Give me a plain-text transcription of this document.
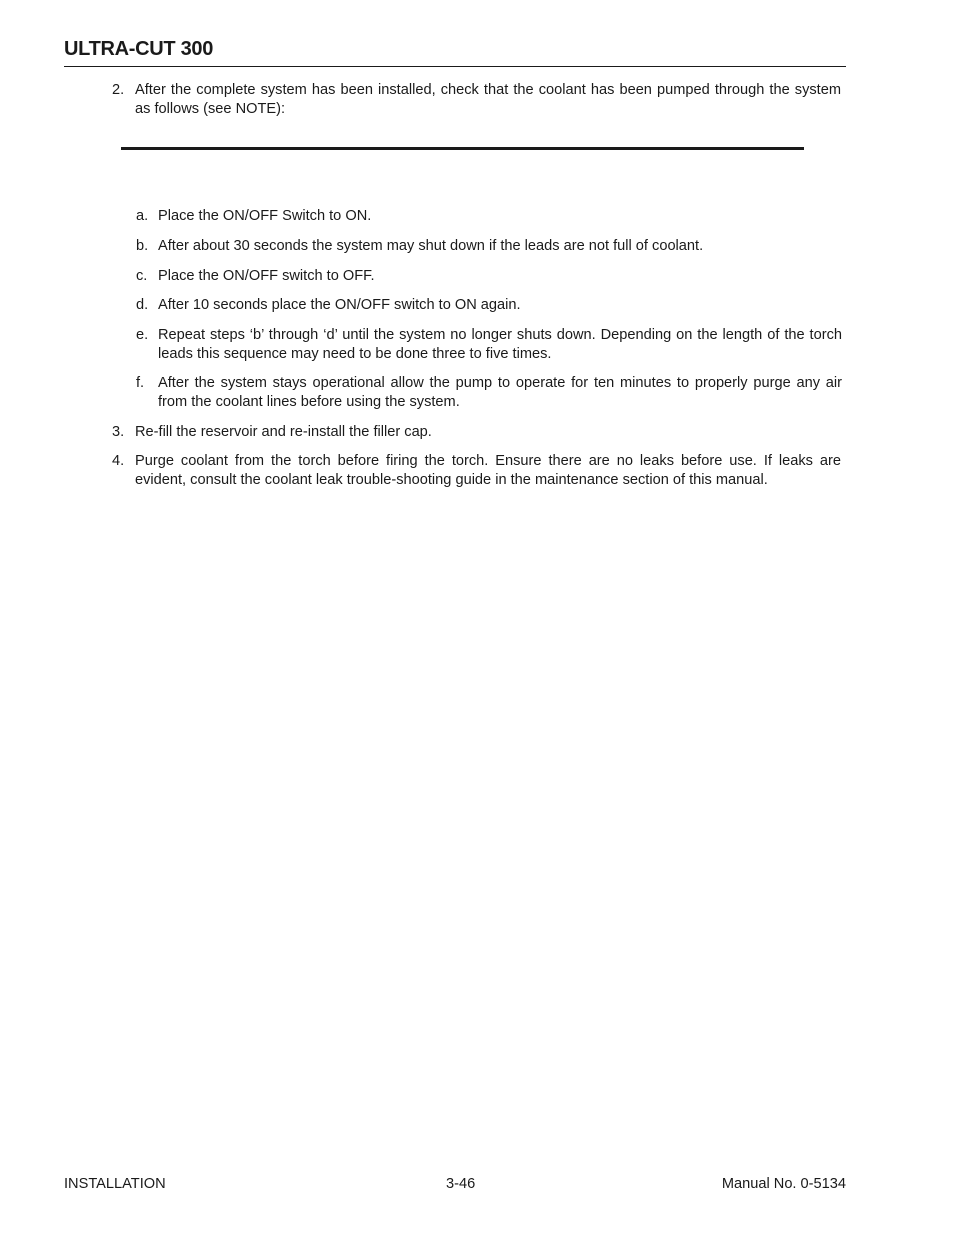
ULTRA-CUT 300
2. After the complete system has been installed, check that the coolant has been pumped through the system as follows (see NOTE):
a. Place the ON/OFF Switch to ON.
b. After about 30 seconds the system may shut down if the leads are not full of coolant.
c. Place the ON/OFF switch to OFF.
d. After 10 seconds place the ON/OFF switch to ON again.
e. Repeat steps ‘b’ through ‘d’ until the system no longer shuts down. Depending on the length of the torch leads this sequence may need to be done three to five times.
f. After the system stays operational allow the pump to operate for ten minutes to properly purge any air from the coolant lines before using the system.
3. Re-fill the reservoir and re-install the filler cap.
4. Purge coolant from the torch before firing the torch. Ensure there are no leaks before use. If leaks are evident, consult the coolant leak trouble-shooting guide in the maintenance section of this manual.
INSTALLATION	3-46	Manual No. 0-5134
